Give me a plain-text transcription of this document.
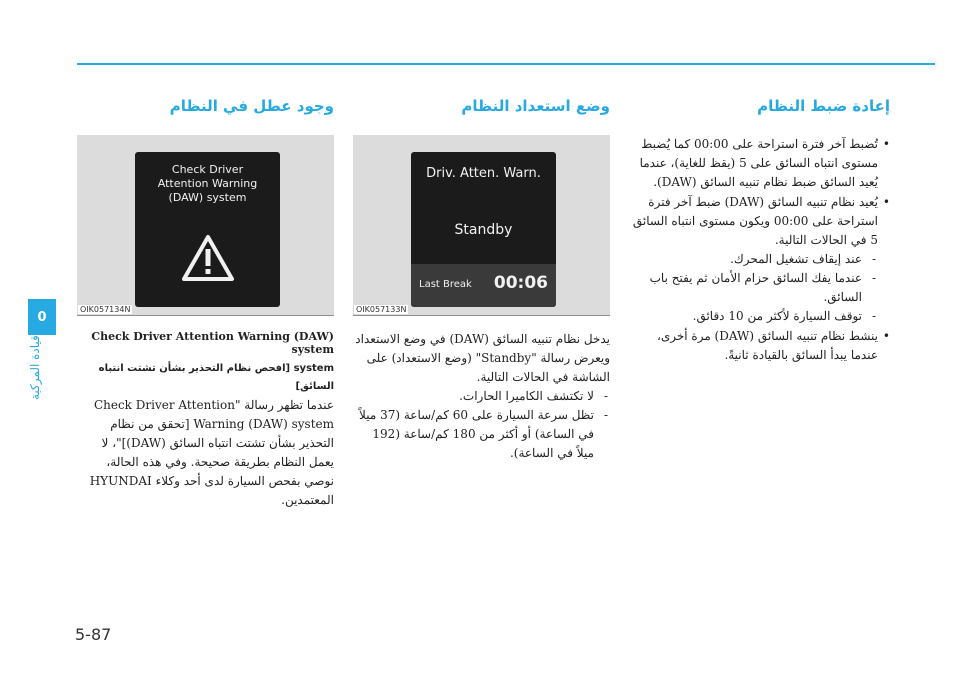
0
قيادة المركبة
إعادة ضبط النظام
• تُضبط آخر فترة استراحة على 00:00 كما يُضبط مستوى انتباه السائق على 5 (يقظ للغاية)، عندما يُعيد السائق ضبط نظام تنبيه السائق (DAW).
• يُعيد نظام تنبيه السائق (DAW) ضبط آخر فترة استراحة على 00:00 ويكون مستوى انتباه السائق 5 في الحالات التالية.
- عند إيقاف تشغيل المحرك.
- عندما يفك السائق حزام الأمان ثم يفتح باب السائق.
- توقف السيارة لأكثر من 10 دقائق.
• ينشط نظام تنبيه السائق (DAW) مرة أخرى، عندما يبدأ السائق بالقيادة ثانيةً.
وضع استعداد النظام
Driv. Atten. Warn.
Standby
Last Break 00:06
OIK057133N

يدخل نظام تنبيه السائق (DAW) في وضع الاستعداد ويعرض رسالة "Standby" (وضع الاستعداد) على الشاشة في الحالات التالية.

- لا تكتشف الكاميرا الحارات.
- تظل سرعة السيارة على 60 كم/ساعة (37 ميلاً في الساعة) أو أكثر من 180 كم/ساعة (192 ميلاً في الساعة).
وجود عطل في النظام
Check Driver
Attention Warning
(DAW) system
OIK057134N
Check Driver Attention Warning (DAW) system
system [افحص نظام التحذير بشأن تشتت انتباه السائق]

عندما تظهر رسالة "Check Driver Attention Warning (DAW) system [تحقق من نظام التحذير بشأن تشتت انتباه السائق (DAW)]"، لا يعمل النظام بطريقة صحيحة. وفي هذه الحالة، نوصي بفحص السيارة لدى أحد وكلاء HYUNDAI المعتمدين.

5-87
